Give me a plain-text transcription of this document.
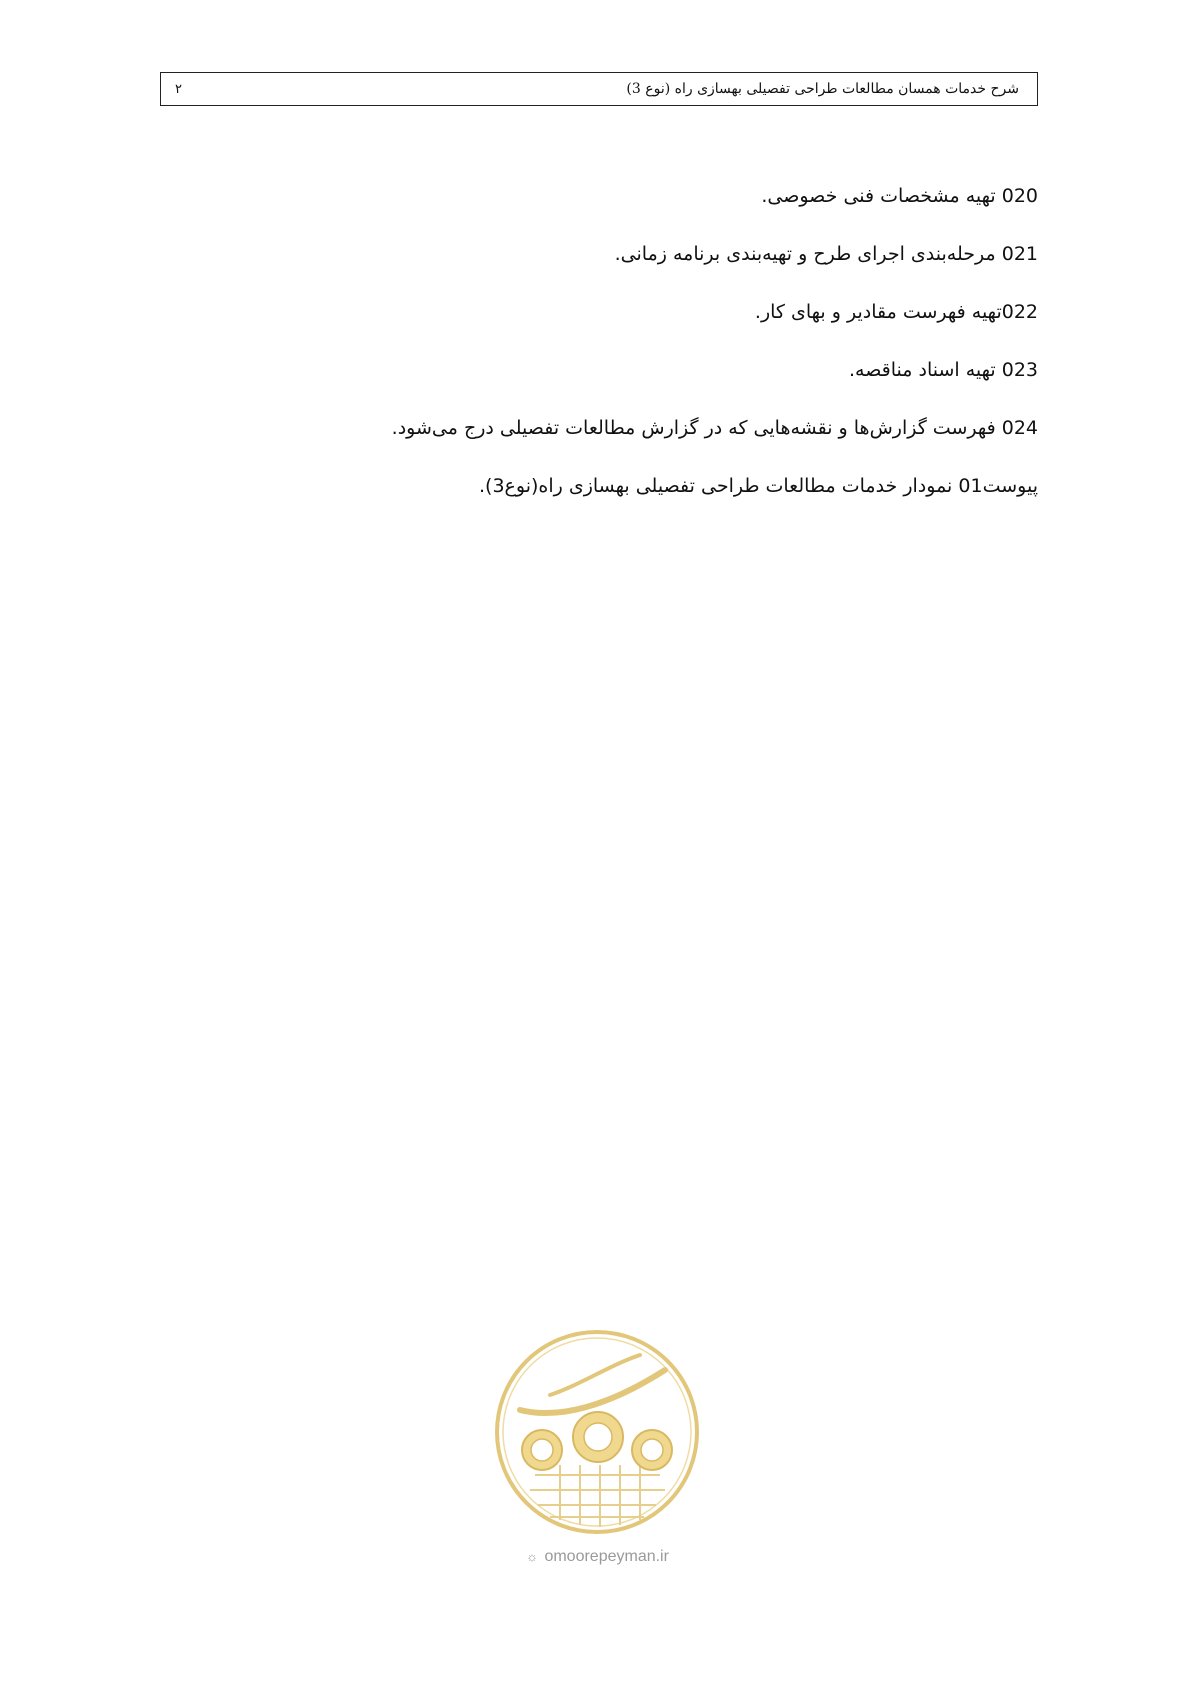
شرح خدمات همسان مطالعات طراحی تفصیلی بهسازی راه (نوع 3)
۲
020 تهیه مشخصات فنی خصوصی.
021 مرحله‌بندی اجرای طرح و تهیه‌بندی برنامه زمانی.
022تهیه فهرست مقادیر و بهای کار.
023 تهیه اسناد مناقصه.
024 فهرست گزارش‌ها و نقشه‌هایی که در گزارش مطالعات تفصیلی درج می‌شود.
پیوست01 نمودار خدمات مطالعات طراحی تفصیلی بهسازی راه(نوع3).
☼ omoorepeyman.ir
